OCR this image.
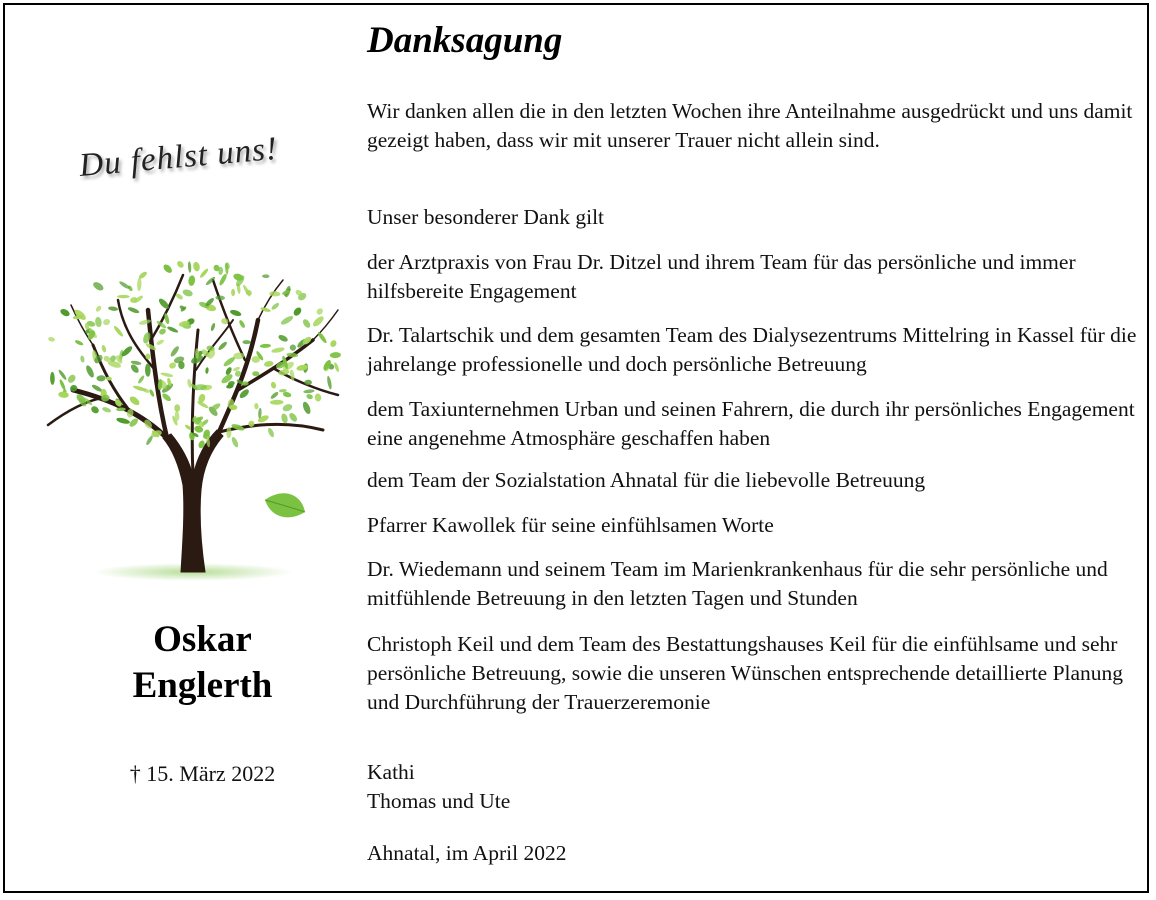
Du fehlst uns!
Oskar
Englerth
† 15. März 2022
Danksagung

Wir danken allen die in den letzten Wochen ihre Anteilnahme ausgedrückt und uns damit gezeigt haben, dass wir mit unserer Trauer nicht allein sind.

Unser besonderer Dank gilt

der Arztpraxis von Frau Dr. Ditzel und ihrem Team für das persönliche und immer hilfsbereite Engagement

Dr. Talartschik und dem gesamten Team des Dialysezentrums Mittelring in Kassel für die jahrelange professionelle und doch persönliche Betreuung

dem Taxiunternehmen Urban und seinen Fahrern, die durch ihr persönliches Engagement eine angenehme Atmosphäre geschaffen haben

dem Team der Sozialstation Ahnatal für die liebevolle Betreuung

Pfarrer Kawollek für seine einfühlsamen Worte

Dr. Wiedemann und seinem Team im Marienkrankenhaus für die sehr persönliche und mitfühlende Betreuung in den letzten Tagen und Stunden

Christoph Keil und dem Team des Bestattungshauses Keil für die einfühlsame und sehr persönliche Betreuung, sowie die unseren Wünschen entsprechende detaillierte Planung und Durchführung der Trauerzeremonie

Kathi

Thomas und Ute

Ahnatal, im April 2022
